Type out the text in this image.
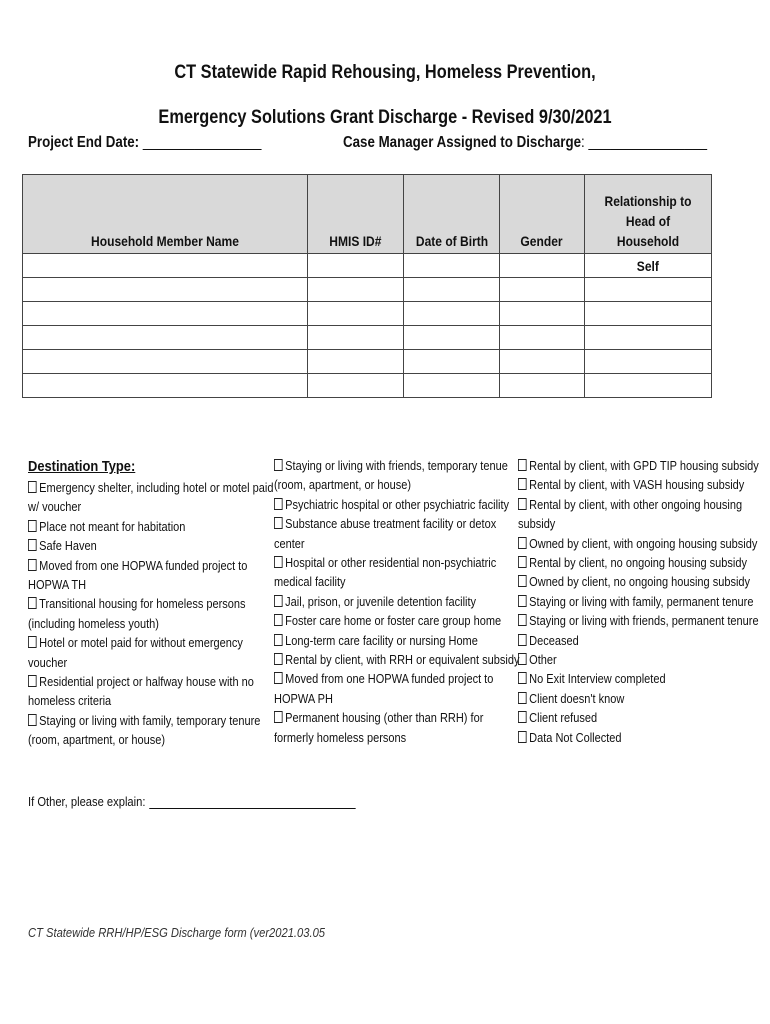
CT Statewide Rapid Rehousing, Homeless Prevention,
Emergency Solutions Grant Discharge - Revised 9/30/2021
Project End Date: ________________	Case Manager Assigned to Discharge: ________________
Household Member Name	HMIS ID#	Date of Birth	Gender	Relationship to Head of Household
				Self

Destination Type:
Emergency shelter, including hotel or motel paid w/ voucher
Place not meant for habitation
Safe Haven
Moved from one HOPWA funded project to HOPWA TH
Transitional housing for homeless persons (including homeless youth)
Hotel or motel paid for without emergency voucher
Residential project or halfway house with no homeless criteria
Staying or living with family, temporary tenure (room, apartment, or house)
Staying or living with friends, temporary tenue (room, apartment, or house)
Psychiatric hospital or other psychiatric facility
Substance abuse treatment facility or detox center
Hospital or other residential non-psychiatric medical facility
Jail, prison, or juvenile detention facility
Foster care home or foster care group home
Long-term care facility or nursing Home
Rental by client, with RRH or equivalent subsidy
Moved from one HOPWA funded project to HOPWA PH
Permanent housing (other than RRH) for formerly homeless persons
Rental by client, with GPD TIP housing subsidy
Rental by client, with VASH housing subsidy
Rental by client, with other ongoing housing subsidy
Owned by client, with ongoing housing subsidy
Rental by client, no ongoing housing subsidy
Owned by client, no ongoing housing subsidy
Staying or living with family, permanent tenure
Staying or living with friends, permanent tenure
Deceased
Other
No Exit Interview completed
Client doesn't know
Client refused
Data Not Collected
If Other, please explain:
CT Statewide RRH/HP/ESG Discharge form (ver2021.03.05
